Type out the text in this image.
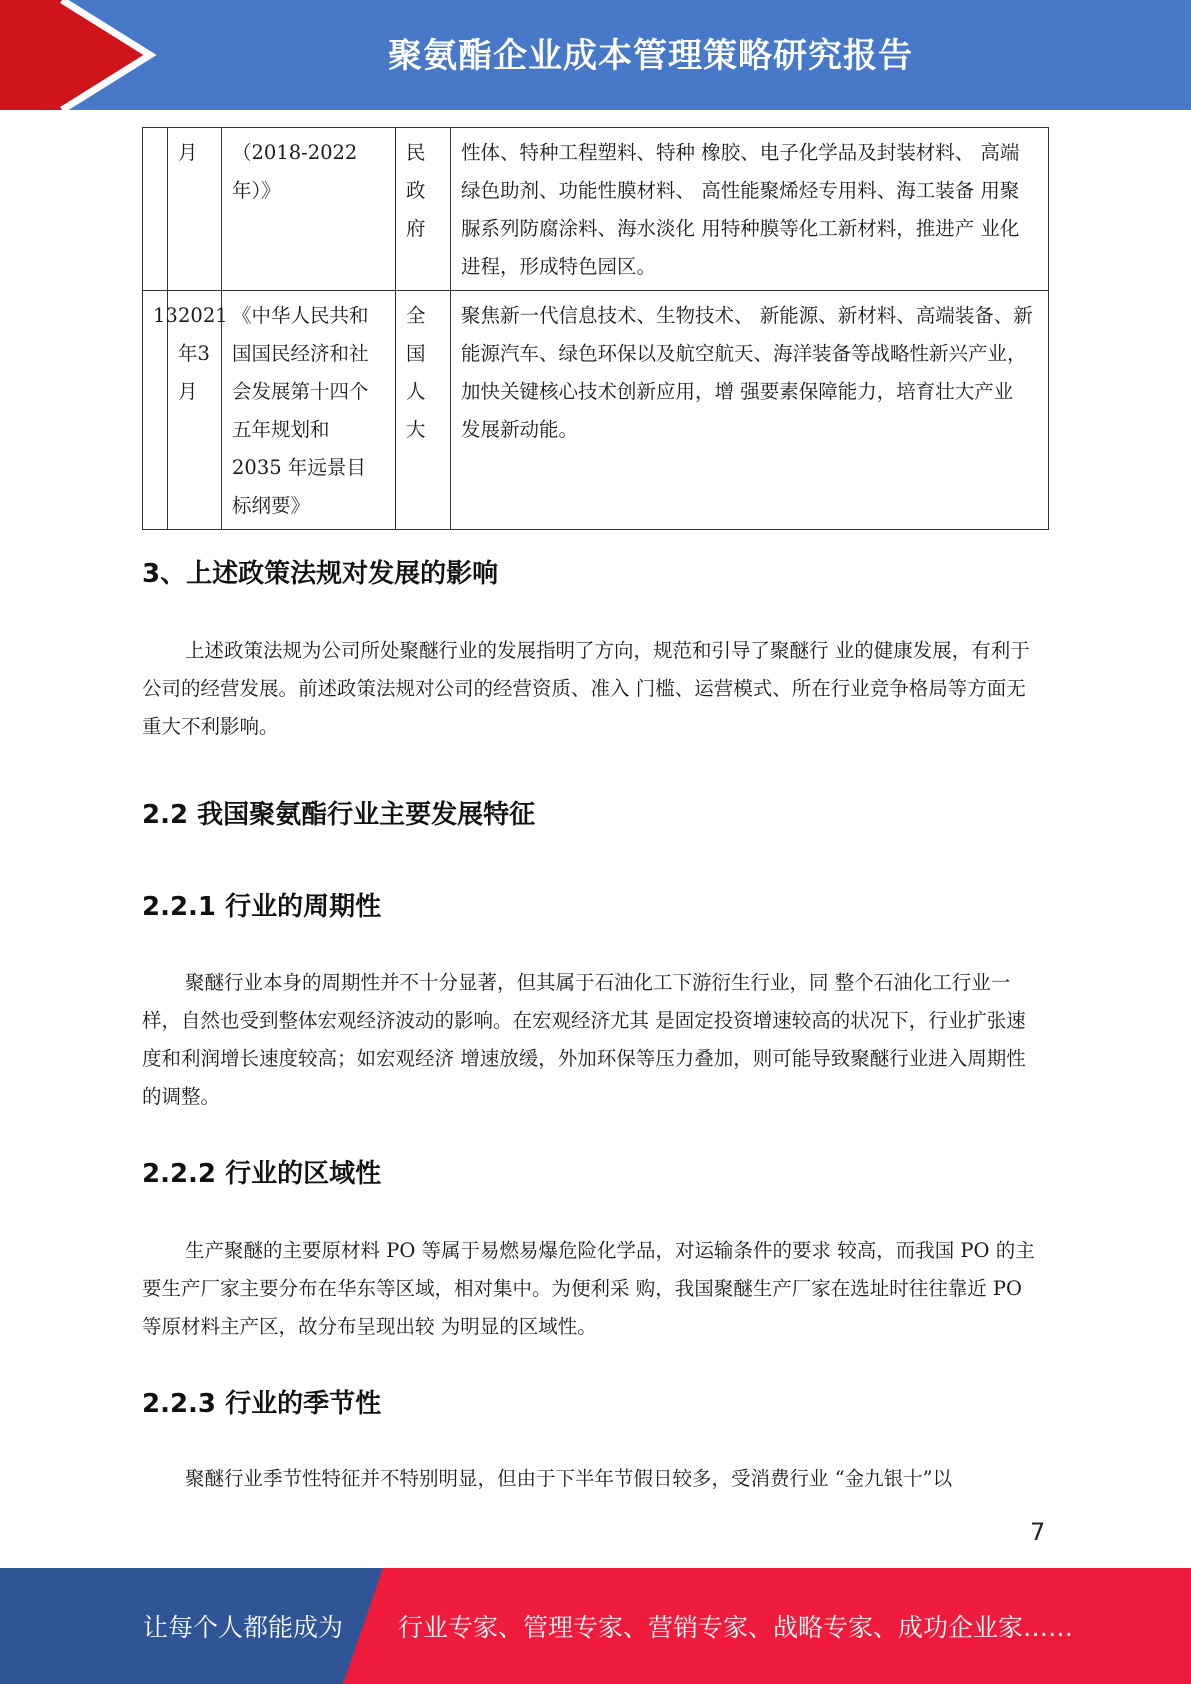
聚氨酯企业成本管理策略研究报告
	月	（2018-2022 年）》	民政府	性体、特种工程塑料、特种 橡胶、电子化学品及封装材料、 高端绿色助剂、功能性膜材料、 高性能聚烯烃专用料、海工装备 用聚脲系列防腐涂料、海水淡化 用特种膜等化工新材料，推进产 业化进程，形成特色园区。
13	2021年3月	《中华人民共和国国民经济和社会发展第十四个五年规划和 2035 年远景目标纲要》	全国人大	聚焦新一代信息技术、生物技术、 新能源、新材料、高端装备、新 能源汽车、绿色环保以及航空航天、海洋装备等战略性新兴产业， 加快关键核心技术创新应用，增 强要素保障能力，培育壮大产业 发展新动能。
3、上述政策法规对发展的影响

上述政策法规为公司所处聚醚行业的发展指明了方向，规范和引导了聚醚行 业的健康发展，有利于公司的经营发展。前述政策法规对公司的经营资质、准入 门槛、运营模式、所在行业竞争格局等方面无重大不利影响。

2.2 我国聚氨酯行业主要发展特征
2.2.1 行业的周期性

聚醚行业本身的周期性并不十分显著，但其属于石油化工下游衍生行业，同 整个石油化工行业一样，自然也受到整体宏观经济波动的影响。在宏观经济尤其 是固定投资增速较高的状况下，行业扩张速度和利润增长速度较高；如宏观经济 增速放缓，外加环保等压力叠加，则可能导致聚醚行业进入周期性的调整。

2.2.2 行业的区域性

生产聚醚的主要原材料 PO 等属于易燃易爆危险化学品，对运输条件的要求 较高，而我国 PO 的主要生产厂家主要分布在华东等区域，相对集中。为便利采 购，我国聚醚生产厂家在选址时往往靠近 PO 等原材料主产区，故分布呈现出较 为明显的区域性。

2.2.3 行业的季节性

聚醚行业季节性特征并不特别明显，但由于下半年节假日较多，受消费行业 “金九银十”以

7
让每个人都能成为 行业专家、管理专家、营销专家、战略专家、成功企业家……
